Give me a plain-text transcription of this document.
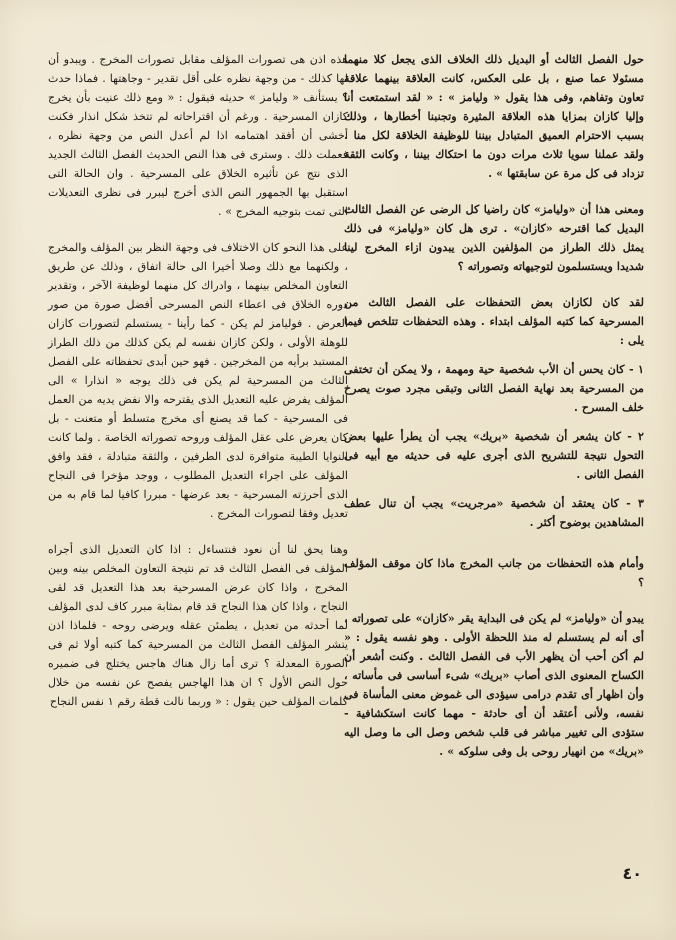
حول الفصل الثالث أو البديل ذلك الخلاف الذى يجعل كلا منهما مسئولا عما صنع ، بل على العكس، كانت العلاقة بينهما علاقة تعاون وتفاهم، وفى هذا يقول « وليامز » : « لقد استمتعت أنا وإليا كازان بمزايا هذه العلاقة المثيرة وتجنبنا أخطارها ، وذلك بسبب الاحترام العميق المتبادل بيننا للوظيفة الخلاقة لكل منا . ولقد عملنا سويا ثلاث مرات دون ما احتكاك بيننا ، وكانت الثقة تزداد فى كل مرة عن سابقتها » .

ومعنى هذا أن «وليامز» كان راضيا كل الرضى عن الفصل الثالث البديل كما اقترحه «كازان» . ترى هل كان «وليامز» فى ذلك يمثل ذلك الطراز من المؤلفين الذين يبدون ازاء المخرج لينا شديدا ويستسلمون لتوجيهاته وتصوراته ؟

لقد كان لكازان بعض التحفظات على الفصل الثالث من المسرحية كما كتبه المؤلف ابتداء . وهذه التحفظات تتلخص فيما يلى :

١ - كان يحس أن الأب شخصية حية ومهمة ، ولا يمكن أن تختفى من المسرحية بعد نهاية الفصل الثانى وتبقى مجرد صوت يصرخ خلف المسرح .

٢ - كان يشعر أن شخصية «بريك» يجب أن يطرأ عليها بعض التحول نتيجة للتشريح الذى أجرى عليه فى حديثه مع أبيه فى الفصل الثانى .

٣ - كان يعتقد أن شخصية «مرجريت» يجب أن تنال عطف المشاهدين بوضوح أكثر .

وأمام هذه التحفظات من جانب المخرج ماذا كان موقف المؤلف ؟

يبدو أن «وليامز» لم يكن فى البداية يقر «كازان» على تصوراته ، أى أنه لم يستسلم له منذ اللحظة الأولى . وهو نفسه يقول : « لم أكن أحب أن يظهر الأب فى الفصل الثالث . وكنت أشعر أن الكساح المعنوى الذى أصاب «بريك» شىء أساسى فى مأساته ، وأن اظهار أى تقدم درامى سيؤدى الى غموض معنى المأساة فى نفسه، ولأنى أعتقد أن أى حادثة - مهما كانت استكشافية - ستؤدى الى تغيير مباشر فى قلب شخص وصل الى ما وصل اليه «بريك» من انهيار روحى بل وفى سلوكه » .

هذه اذن هى تصورات المؤلف مقابل تصورات المخرج . ويبدو أن لها كذلك - من وجهة نظره على أقل تقدير - وجاهتها . فماذا حدث ؟ يستأنف « وليامز » حديثه فيقول : « ومع ذلك عنيت بأن يخرج كازان المسرحية . ورغم أن اقتراحاته لم تتخذ شكل انذار فكنت أخشى أن أفقد اهتمامه اذا لم أعدل النص من وجهة نظره ، فعملت ذلك . وسترى فى هذا النص الحديث الفصل الثالث الجديد الذى نتج عن تأثيره الخلاق على المسرحية . وان الحالة التى استقبل بها الجمهور النص الذى أخرج ليبرر فى نظرى التعديلات التى تمت بتوجيه المخرج » .

على هذا النحو كان الاختلاف فى وجهة النظر بين المؤلف والمخرج ، ولكنهما مع ذلك وصلا أخيرا الى حالة اتفاق ، وذلك عن طريق التعاون المخلص بينهما ، وادراك كل منهما لوظيفة الآخر ، وتقدير دوره الخلاق فى اعطاء النص المسرحى أفضل صورة من صور العرض . فوليامز لم يكن - كما رأينا - يستسلم لتصورات كازان للوهلة الأولى ، ولكن كازان نفسه لم يكن كذلك من ذلك الطراز المستبد برأيه من المخرجين . فهو حين أبدى تحفظاته على الفصل الثالث من المسرحية لم يكن فى ذلك يوجه « انذارا » الى المؤلف يفرض عليه التعديل الذى يقترحه والا نفض يديه من العمل فى المسرحية - كما قد يصنع أى مخرج متسلط أو متعنت - بل كان يعرض على عقل المؤلف وروحه تصوراته الخاصة . ولما كانت النوايا الطيبة متوافرة لدى الطرفين ، والثقة متبادلة ، فقد وافق المؤلف على اجراء التعديل المطلوب ، ووجد مؤخرا فى النجاح الذى أحرزته المسرحية - بعد عرضها - مبررا كافيا لما قام به من تعديل وفقا لتصورات المخرج .

وهنا يحق لنا أن نعود فنتساءل : اذا كان التعديل الذى أجراه المؤلف فى الفصل الثالث قد تم نتيجة التعاون المخلص بينه وبين المخرج ، واذا كان عرض المسرحية بعد هذا التعديل قد لقى النجاح ، واذا كان هذا النجاح قد قام بمثابة مبرر كاف لدى المؤلف لما أحدثه من تعديل ، يطمئن عقله ويرضى روحه - فلماذا اذن ينشر المؤلف الفصل الثالث من المسرحية كما كتبه أولا ثم فى الصورة المعدلة ؟ ترى أما زال هناك هاجس يختلج فى ضميره حول النص الأول ؟ ان هذا الهاجس يفصح عن نفسه من خلال كلمات المؤلف حين يقول : « وربما نالت قطة رقم ١ نفس النجاح

٤٠
